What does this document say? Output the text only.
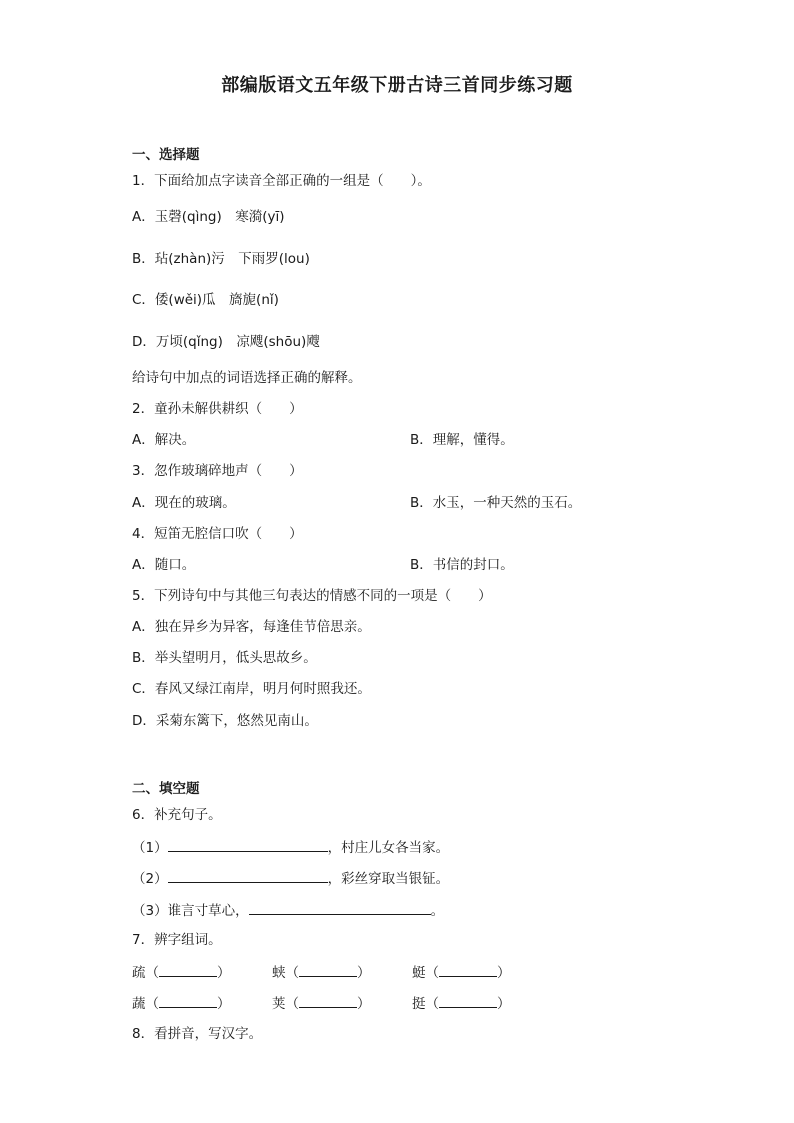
部编版语文五年级下册古诗三首同步练习题
一、选择题
1．下面给加点字读音全部正确的一组是（　　）。
A．玉磬(qìng)　寒漪(yī)
B．玷(zhàn)污　下雨罗(lou)
C．倭(wěi)瓜　旖旎(nǐ)
D．万顷(qǐng)　凉飕(shōu)飕
给诗句中加点的词语选择正确的解释。
2．童孙未解供耕织（　　）
A．解决。	B．理解，懂得。
3．忽作玻璃碎地声（　　）
A．现在的玻璃。	B．水玉，一种天然的玉石。
4．短笛无腔信口吹（　　）
A．随口。	B．书信的封口。
5．下列诗句中与其他三句表达的情感不同的一项是（　　）
A．独在异乡为异客，每逢佳节倍思亲。
B．举头望明月，低头思故乡。
C．春风又绿江南岸，明月何时照我还。
D．采菊东篱下，悠然见南山。
二、填空题
6．补充句子。
（1）	，村庄儿女各当家。
（2）	，彩丝穿取当银钲。
（3）谁言寸草心，	。
7．辨字组词。
疏（	）	蛱（	）	蜓（	）
蔬（	）	荚（	）	挺（	）
8．看拼音，写汉字。
